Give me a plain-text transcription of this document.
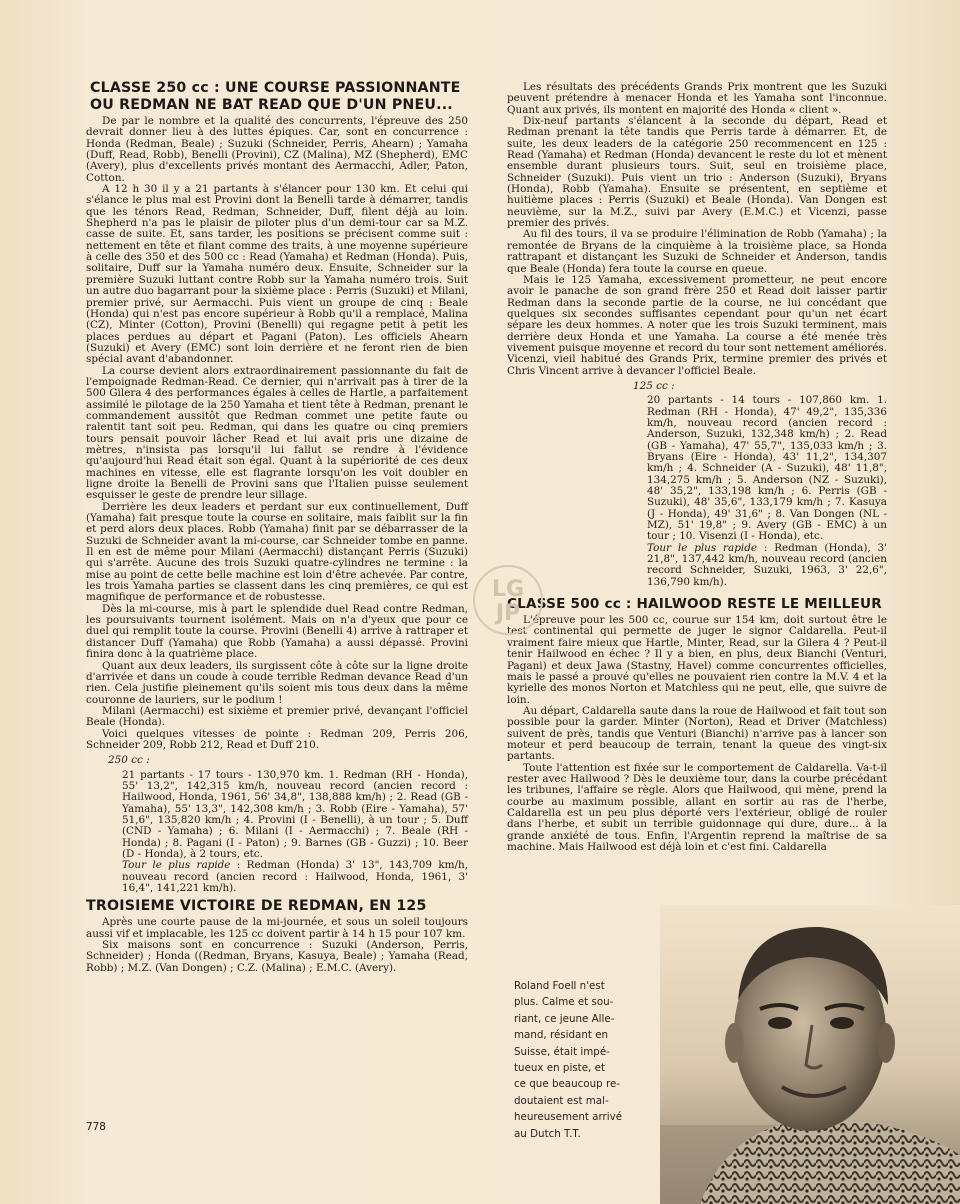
CLASSE 250 cc : UNE COURSE PASSIONNANTE OU REDMAN NE BAT READ QUE D'UN PNEU...

De par le nombre et la qualité des concurrents, l'épreuve des 250 devrait donner lieu à des luttes épiques. Car, sont en concurrence : Honda (Redman, Beale) ; Suzuki (Schneider, Perris, Ahearn) ; Yamaha (Duff, Read, Robb), Benelli (Provini), CZ (Malina), MZ (Shepherd), EMC (Avery), plus d'excellents privés montant des Aermacchi, Adler, Paton, Cotton.

A 12 h 30 il y a 21 partants à s'élancer pour 130 km. Et celui qui s'élance le plus mal est Provini dont la Benelli tarde à démarrer, tandis que les ténors Read, Redman, Schneider, Duff, filent déjà au loin. Shepherd n'a pas le plaisir de piloter plus d'un demi-tour car sa M.Z. casse de suite. Et, sans tarder, les positions se précisent comme suit : nettement en tête et filant comme des traits, à une moyenne supérieure à celle des 350 et des 500 cc : Read (Yamaha) et Redman (Honda). Puis, solitaire, Duff sur la Yamaha numéro deux. Ensuite, Schneider sur la première Suzuki luttant contre Robb sur la Yamaha numéro trois. Suit un autre duo bagarrant pour la sixième place : Perris (Suzuki) et Milani, premier privé, sur Aermacchi. Puis vient un groupe de cinq : Beale (Honda) qui n'est pas encore supérieur à Robb qu'il a remplacé, Malina (CZ), Minter (Cotton), Provini (Benelli) qui regagne petit à petit les places perdues au départ et Pagani (Paton). Les officiels Ahearn (Suzuki) et Avery (EMC) sont loin derrière et ne feront rien de bien spécial avant d'abandonner.

La course devient alors extraordinairement passionnante du fait de l'empoignade Redman-Read. Ce dernier, qui n'arrivait pas à tirer de la 500 Gilera 4 des performances égales à celles de Hartle, a parfaitement assimilé le pilotage de la 250 Yamaha et tient tête à Redman, prenant le commandement aussitôt que Redman commet une petite faute ou ralentit tant soit peu. Redman, qui dans les quatre ou cinq premiers tours pensait pouvoir lâcher Read et lui avait pris une dizaine de mètres, n'insista pas lorsqu'il lui fallut se rendre à l'évidence qu'aujourd'hui Read était son égal. Quant à la supériorité de ces deux machines en vitesse, elle est flagrante lorsqu'on les voit doubler en ligne droite la Benelli de Provini sans que l'Italien puisse seulement esquisser le geste de prendre leur sillage.

Derrière les deux leaders et perdant sur eux continuellement, Duff (Yamaha) fait presque toute la course en solitaire, mais faiblit sur la fin et perd alors deux places. Robb (Yamaha) finit par se débarrasser de la Suzuki de Schneider avant la mi-course, car Schneider tombe en panne. Il en est de même pour Milani (Aermacchi) distançant Perris (Suzuki) qui s'arrête. Aucune des trois Suzuki quatre-cylindres ne termine : la mise au point de cette belle machine est loin d'être achevée. Par contre, les trois Yamaha parties se classent dans les cinq premières, ce qui est magnifique de performance et de robustesse.

Dès la mi-course, mis à part le splendide duel Read contre Redman, les poursuivants tournent isolément. Mais on n'a d'yeux que pour ce duel qui remplit toute la course. Provini (Benelli 4) arrive à rattraper et distancer Duff (Yamaha) que Robb (Yamaha) a aussi dépassé. Provini finira donc à la quatrième place.

Quant aux deux leaders, ils surgissent côte à côte sur la ligne droite d'arrivée et dans un coude à coude terrible Redman devance Read d'un rien. Cela justifie pleinement qu'ils soient mis tous deux dans la même couronne de lauriers, sur le podium !

Milani (Aermacchi) est sixième et premier privé, devançant l'officiel Beale (Honda).

Voici quelques vitesses de pointe : Redman 209, Perris 206, Schneider 209, Robb 212, Read et Duff 210.

250 cc :

21 partants - 17 tours - 130,970 km. 1. Redman (RH - Honda), 55' 13,2", 142,315 km/h, nouveau record (ancien record : Hailwood, Honda, 1961, 56' 34,8", 138,888 km/h) ; 2. Read (GB - Yamaha), 55' 13,3", 142,308 km/h ; 3. Robb (Eire - Yamaha), 57' 51,6", 135,820 km/h ; 4. Provini (I - Benelli), à un tour ; 5. Duff (CND - Yamaha) ; 6. Milani (I - Aermacchi) ; 7. Beale (RH - Honda) ; 8. Pagani (I - Paton) ; 9. Barnes (GB - Guzzi) ; 10. Beer (D - Honda), à 2 tours, etc.

Tour le plus rapide : Redman (Honda) 3' 13", 143,709 km/h, nouveau record (ancien record : Hailwood, Honda, 1961, 3' 16,4", 141,221 km/h).

TROISIEME VICTOIRE DE REDMAN, EN 125

Après une courte pause de la mi-journée, et sous un soleil toujours aussi vif et implacable, les 125 cc doivent partir à 14 h 15 pour 107 km.

Six maisons sont en concurrence : Suzuki (Anderson, Perris, Schneider) ; Honda ((Redman, Bryans, Kasuya, Beale) ; Yamaha (Read, Robb) ; M.Z. (Van Dongen) ; C.Z. (Malina) ; E.M.C. (Avery).

Les résultats des précédents Grands Prix montrent que les Suzuki peuvent prétendre à menacer Honda et les Yamaha sont l'inconnue. Quant aux privés, ils montent en majorité des Honda « client ».

Dix-neuf partants s'élancent à la seconde du départ, Read et Redman prenant la tête tandis que Perris tarde à démarrer. Et, de suite, les deux leaders de la catégorie 250 recommencent en 125 : Read (Yamaha) et Redman (Honda) devancent le reste du lot et mènent ensemble durant plusieurs tours. Suit, seul en troisième place, Schneider (Suzuki). Puis vient un trio : Anderson (Suzuki), Bryans (Honda), Robb (Yamaha). Ensuite se présentent, en septième et huitième places : Perris (Suzuki) et Beale (Honda). Van Dongen est neuvième, sur la M.Z., suivi par Avery (E.M.C.) et Vicenzi, passe premier des privés.

Au fil des tours, il va se produire l'élimination de Robb (Yamaha) ; la remontée de Bryans de la cinquième à la troisième place, sa Honda rattrapant et distançant les Suzuki de Schneider et Anderson, tandis que Beale (Honda) fera toute la course en queue.

Mais le 125 Yamaha, excessivement prometteur, ne peut encore avoir le panache de son grand frère 250 et Read doit laisser partir Redman dans la seconde partie de la course, ne lui concédant que quelques six secondes suffisantes cependant pour qu'un net écart sépare les deux hommes. A noter que les trois Suzuki terminent, mais derrière deux Honda et une Yamaha. La course a été menée très vivement puisque moyenne et record du tour sont nettement améliorés. Vicenzi, vieil habitué des Grands Prix, termine premier des privés et Chris Vincent arrive à devancer l'officiel Beale.

125 cc :

20 partants - 14 tours - 107,860 km. 1. Redman (RH - Honda), 47' 49,2", 135,336 km/h, nouveau record (ancien record : Anderson, Suzuki, 132,348 km/h) ; 2. Read (GB - Yamaha), 47' 55,7", 135,033 km/h ; 3. Bryans (Eire - Honda), 43' 11,2", 134,307 km/h ; 4. Schneider (A - Suzuki), 48' 11,8", 134,275 km/h ; 5. Anderson (NZ - Suzuki), 48' 35,2", 133,198 km/h ; 6. Perris (GB - Suzuki), 48' 35,6", 133,179 km/h ; 7. Kasuya (J - Honda), 49' 31,6" ; 8. Van Dongen (NL - MZ), 51' 19,8" ; 9. Avery (GB - EMC) à un tour ; 10. Visenzi (I - Honda), etc.

Tour le plus rapide : Redman (Honda), 3' 21,8", 137,442 km/h, nouveau record (ancien record Schneider, Suzuki, 1963, 3' 22,6", 136,790 km/h).

CLASSE 500 cc : HAILWOOD RESTE LE MEILLEUR

L'épreuve pour les 500 cc, courue sur 154 km, doit surtout être le test continental qui permette de juger le signor Caldarella. Peut-il vraiment faire mieux que Hartle, Minter, Read, sur la Gilera 4 ? Peut-il tenir Hailwood en échec ? Il y a bien, en plus, deux Bianchi (Venturi, Pagani) et deux Jawa (Stastny, Havel) comme concurrentes officielles, mais le passé a prouvé qu'elles ne pouvaient rien contre la M.V. 4 et la kyrielle des monos Norton et Matchless qui ne peut, elle, que suivre de loin.

Au départ, Caldarella saute dans la roue de Hailwood et fait tout son possible pour la garder. Minter (Norton), Read et Driver (Matchless) suivent de près, tandis que Venturi (Bianchi) n'arrive pas à lancer son moteur et perd beaucoup de terrain, tenant la queue des vingt-six partants.

Toute l'attention est fixée sur le comportement de Caldarella. Va-t-il rester avec Hailwood ? Dès le deuxième tour, dans la courbe précédant les tribunes, l'affaire se règle. Alors que Hailwood, qui mène, prend la courbe au maximum possible, allant en sortir au ras de l'herbe, Caldarella est un peu plus déporté vers l'extérieur, obligé de rouler dans l'herbe, et subit un terrible guidonnage qui dure, dure... à la grande anxiété de tous. Enfin, l'Argentin reprend la maîtrise de sa machine. Mais Hailwood est déjà loin et c'est fini. Caldarella

Roland Foell n'est
plus. Calme et sou-
riant, ce jeune Alle-
mand, résidant en
Suisse, était impé-
tueux en piste, et
ce que beaucoup re-
doutaient est mal-
heureusement arrivé
au Dutch T.T.
LG
JP
778
